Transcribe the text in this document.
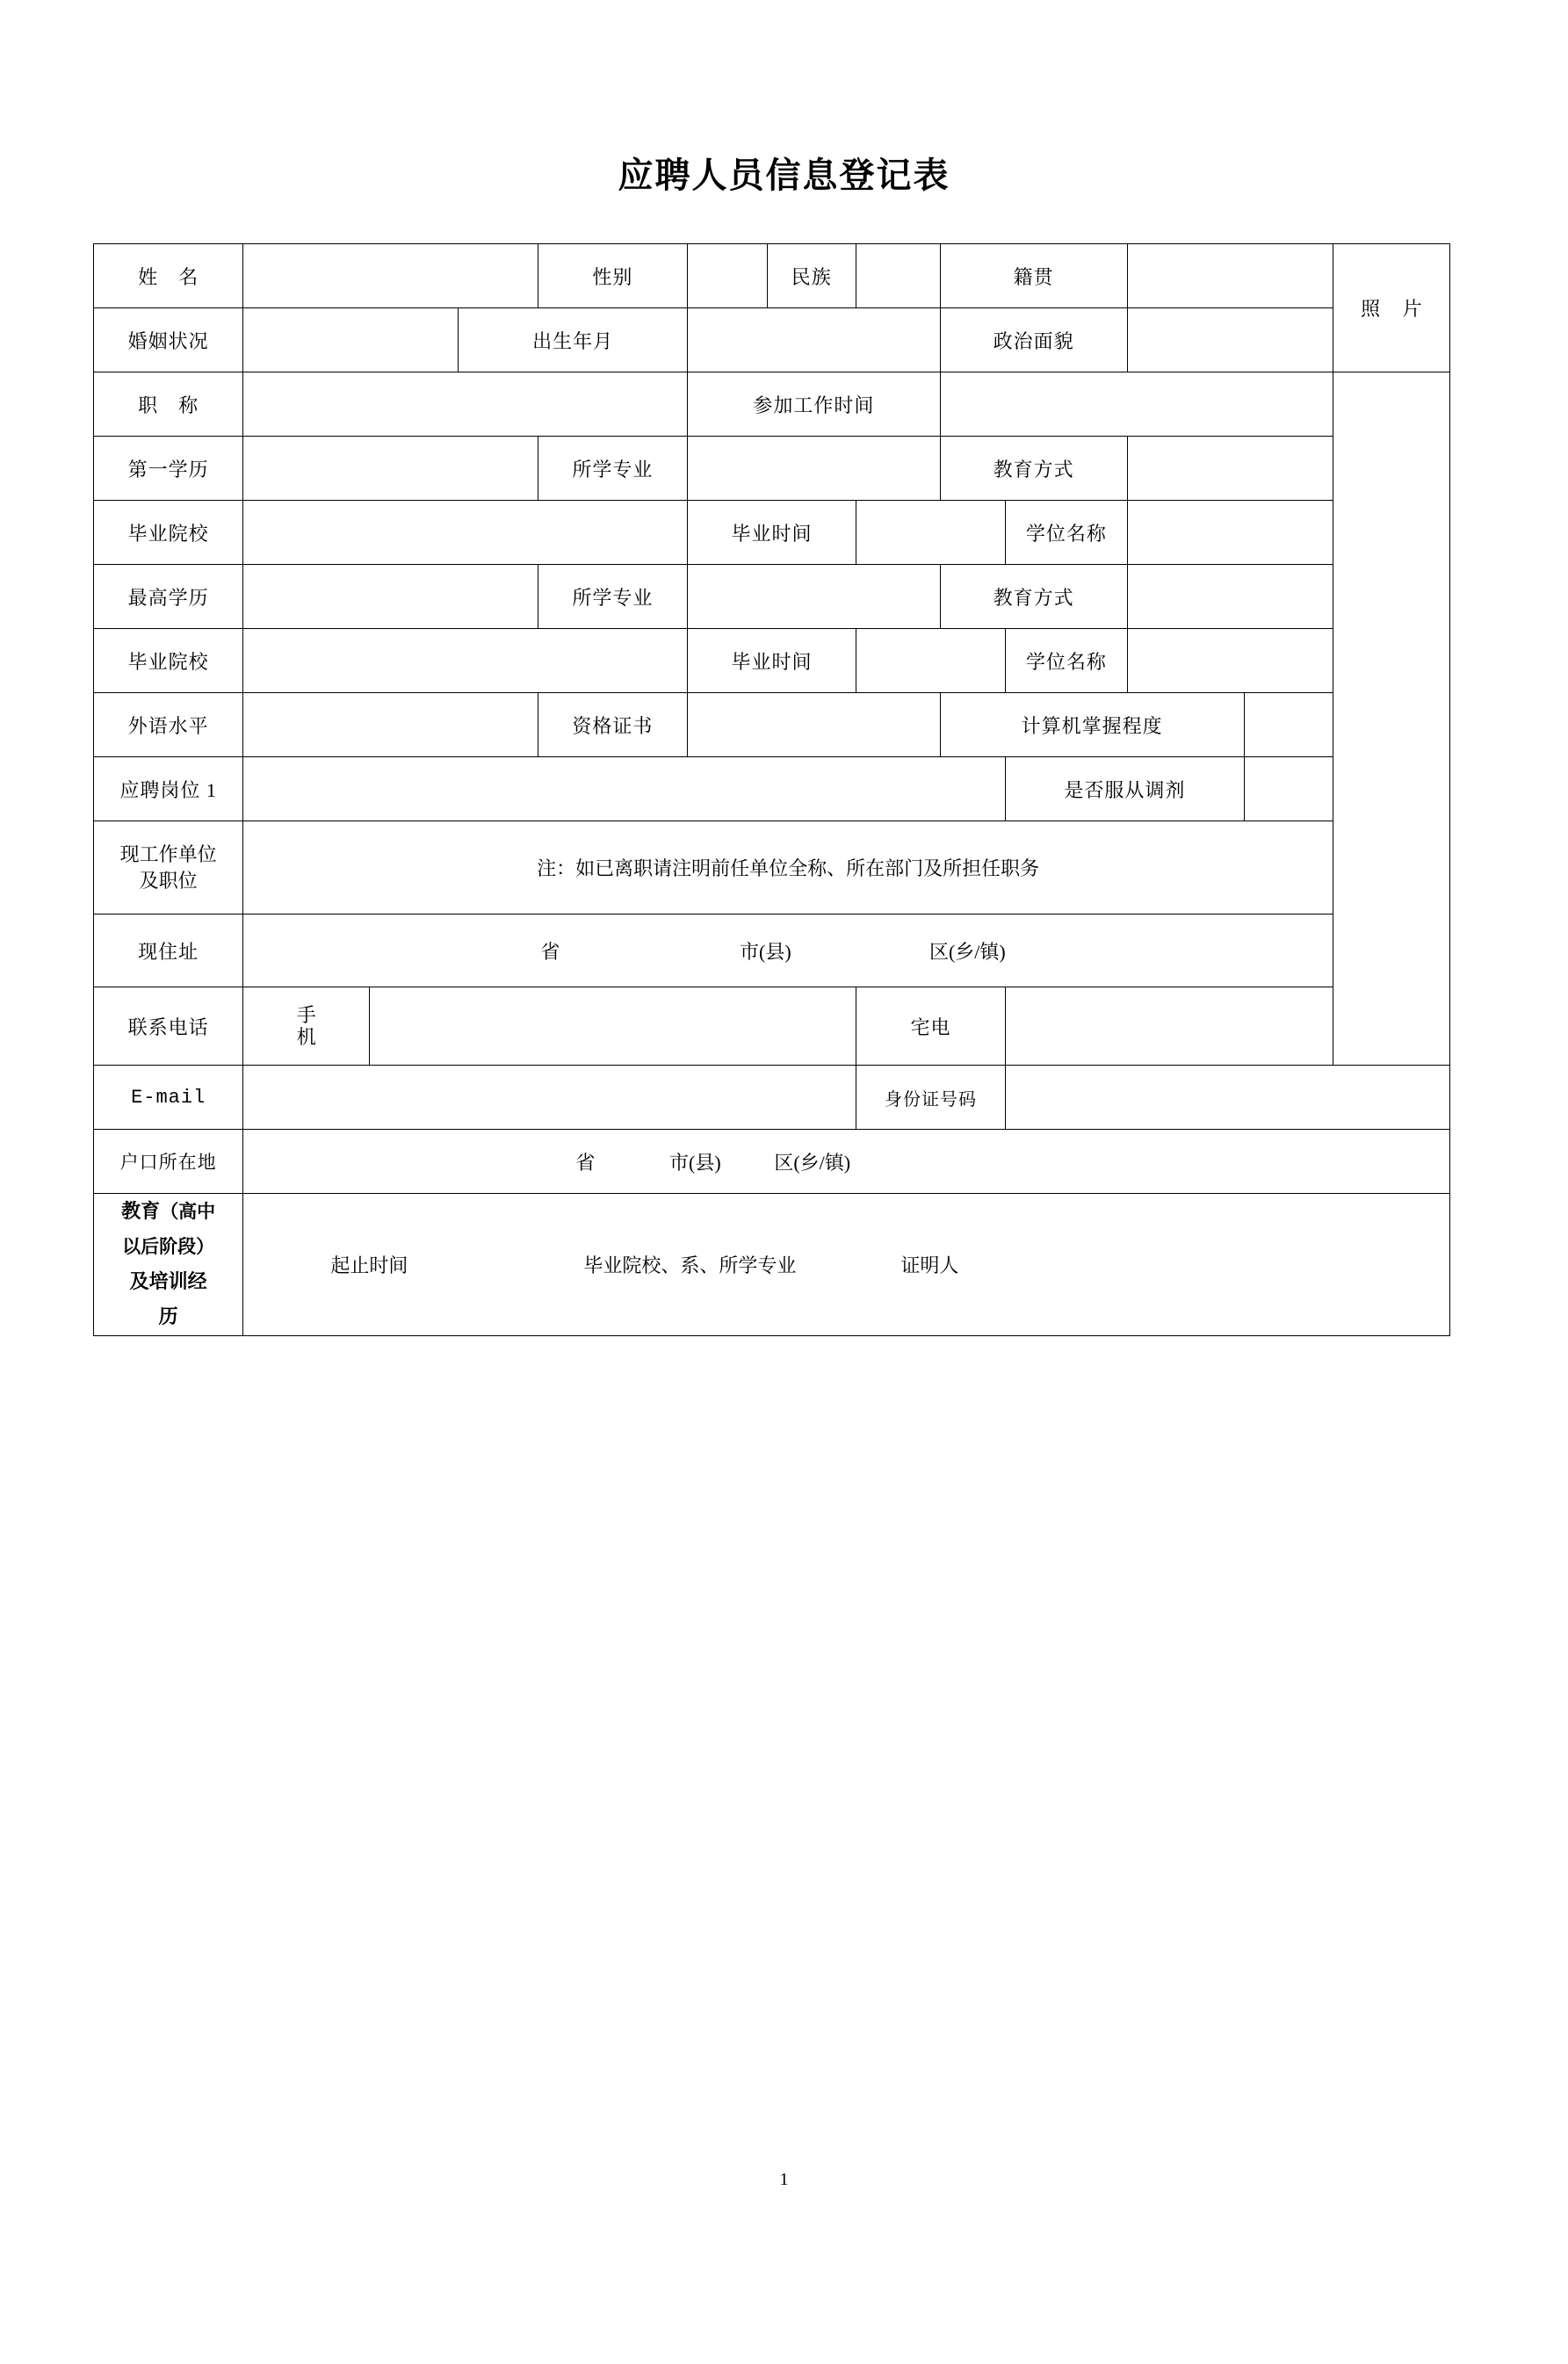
应聘人员信息登记表
姓　名				性别		民族		籍贯				照 片
婚姻状况			出生年月					政治面貌				
职　称					参加工作时间							
第一学历				所学专业				教育方式				
毕业院校					毕业时间				学位名称			
最高学历				所学专业				教育方式				
毕业院校					毕业时间				学位名称			
外语水平				资格证书				计算机掌握程度				
应聘岗位 1									是否服从调剂			

现工作单位
及职位	注：如已离职请注明前任单位全称、所在部门及所担任职务											
现住址	省 市(县) 区(乡/镇)											

联系电话	手
机						宅电					
E-mail							身份证号码					
户口所在地	省 市(县) 区(乡/镇)											

教育（高中
以后阶段）
及培训经
历

起止时间	毕业院校、系、所学专业	证明人
1
